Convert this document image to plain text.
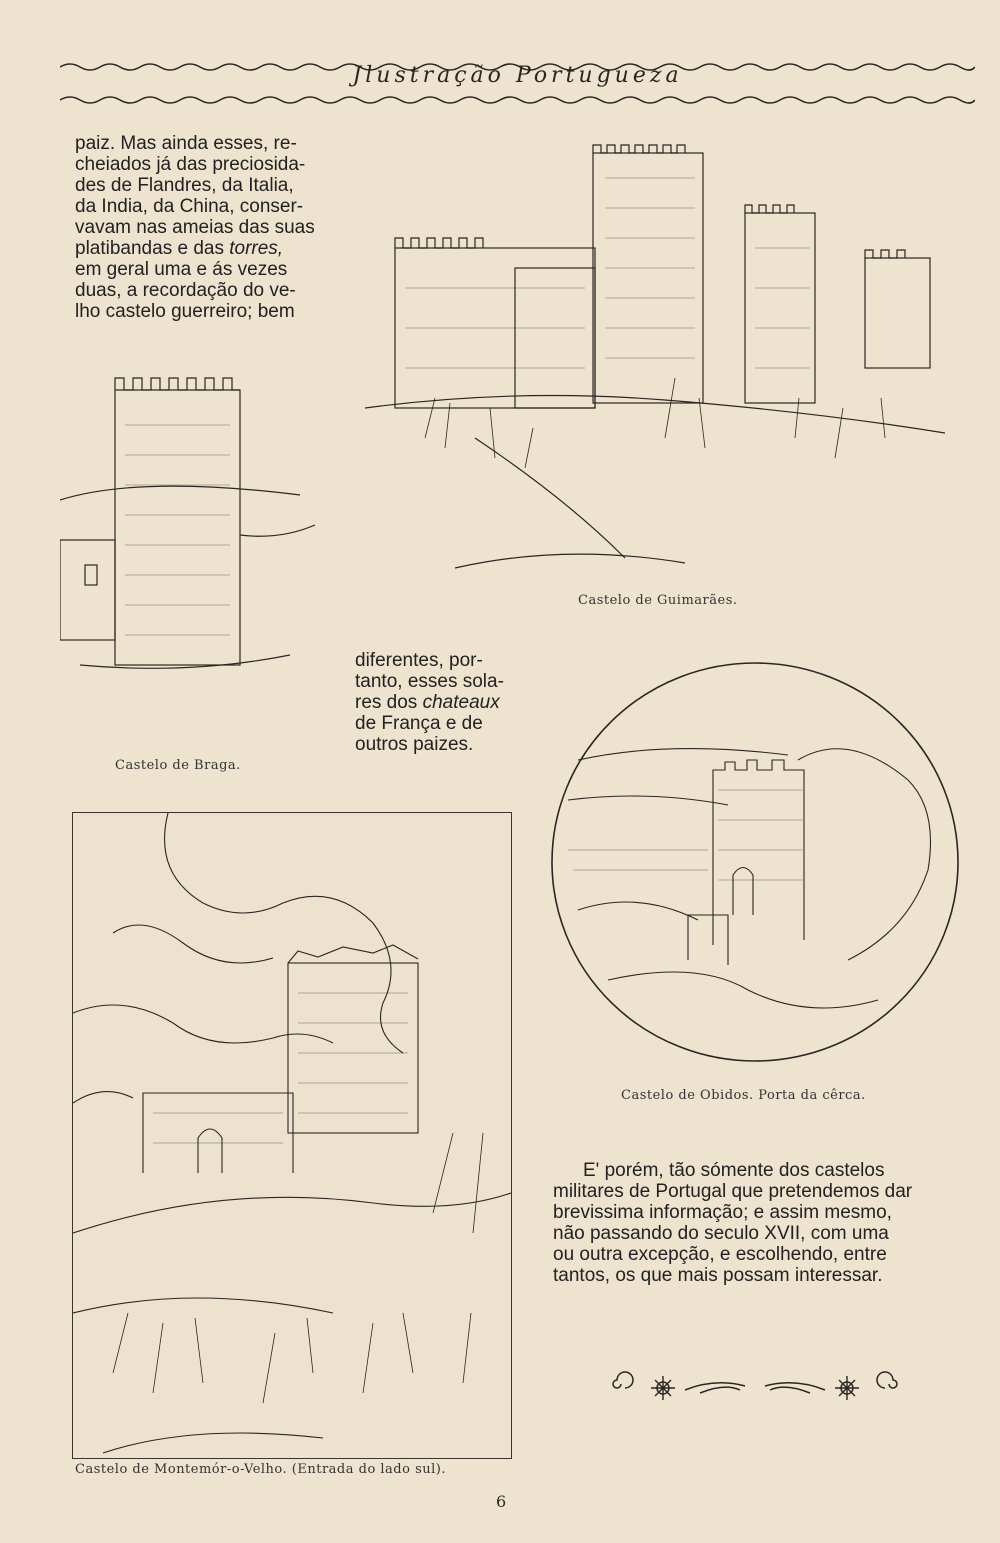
Jlustração Portugueza

paiz. Mas ainda esses, re-

cheiados já das preciosida-

des de Flandres, da Italia,

da India, da China, conser-

vavam nas ameias das suas

platibandas e das torres,

em geral uma e ás vezes

duas, a recordação do ve-

lho castelo guerreiro; bem

Castelo de Guimarães.
Castelo de Braga.

diferentes, por-

tanto, esses sola-

res dos chateaux

de França e de

outros paizes.

Castelo de Obidos. Porta da cêrca.
Castelo de Montemór-o-Velho. (Entrada do lado sul).

E' porém, tão sómente dos castelos

militares de Portugal que pretendemos dar

brevissima informação; e assim mesmo,

não passando do seculo XVII, com uma

ou outra excepção, e escolhendo, entre

tantos, os que mais possam interessar.

6
